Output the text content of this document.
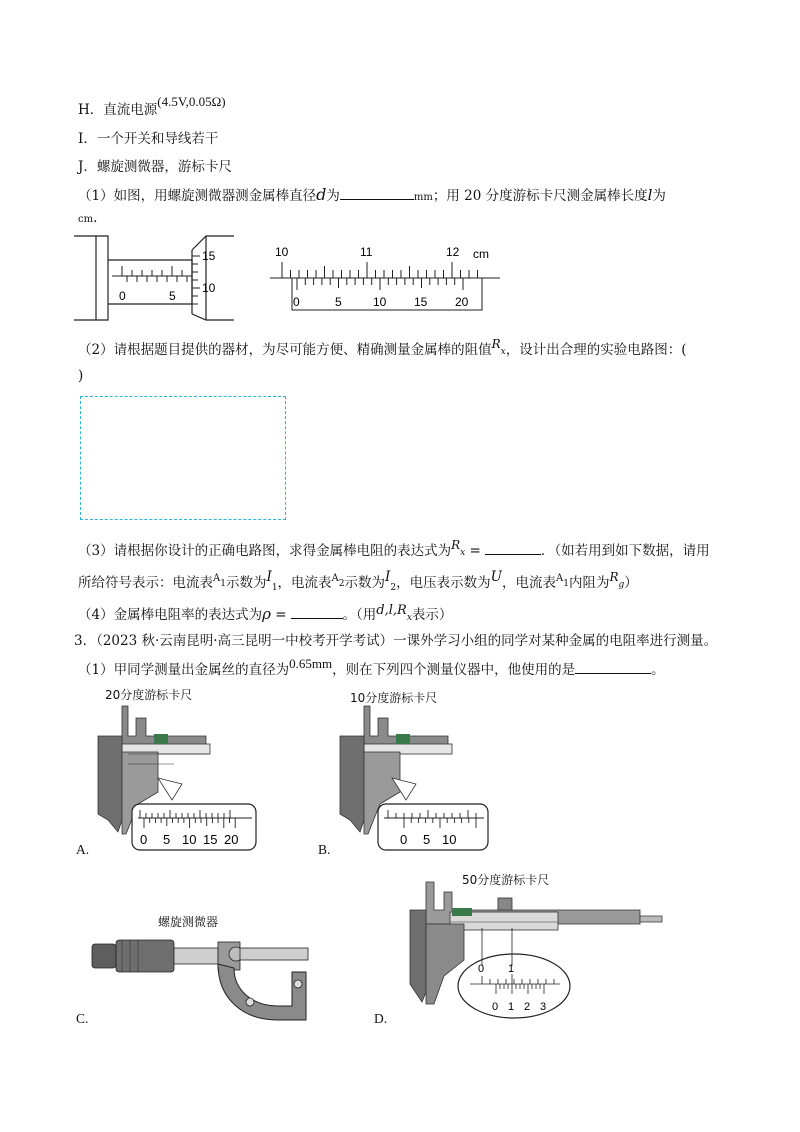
H．直流电源(4.5V,0.05Ω)
I．一个开关和导线若干
J．螺旋测微器，游标卡尺
（1）如图，用螺旋测微器测金属棒直径d为	mm；用 20 分度游标卡尺测金属棒长度l为
cm.
0	5
15
10
10	11	12 cm
0	5	10 15 20
（2）请根据题目提供的器材，为尽可能方便、精确测量金属棒的阻值$R_x$，设计出合理的实验电路图：(
)
（3）请根据你设计的正确电路图，求得金属棒电阻的表达式为$R_x$ =	．（如若用到如下数据，请用
所给符号表示：电流表$^A_1$示数为$I_1$，电流表$^A_2$示数为$I_2$，电压表示数为U，电流表$^A_1$内阻为$R_g$）
（4）金属棒电阻率的表达式为ρ =	。（用$d,l,R_x$表示）
3．（2023 秋·云南昆明·高三昆明一中校考开学考试）一课外学习小组的同学对某种金属的电阻率进行测量。
（1）甲同学测量出金属丝的直径为0.65mm，则在下列四个测量仪器中，他使用的是	。
20分度游标卡尺
0 5 10 15 20
A.
10分度游标卡尺
0 5 10
B.
螺旋测微器
C.
50分度游标卡尺
0 1
0 1 2 3
D.
